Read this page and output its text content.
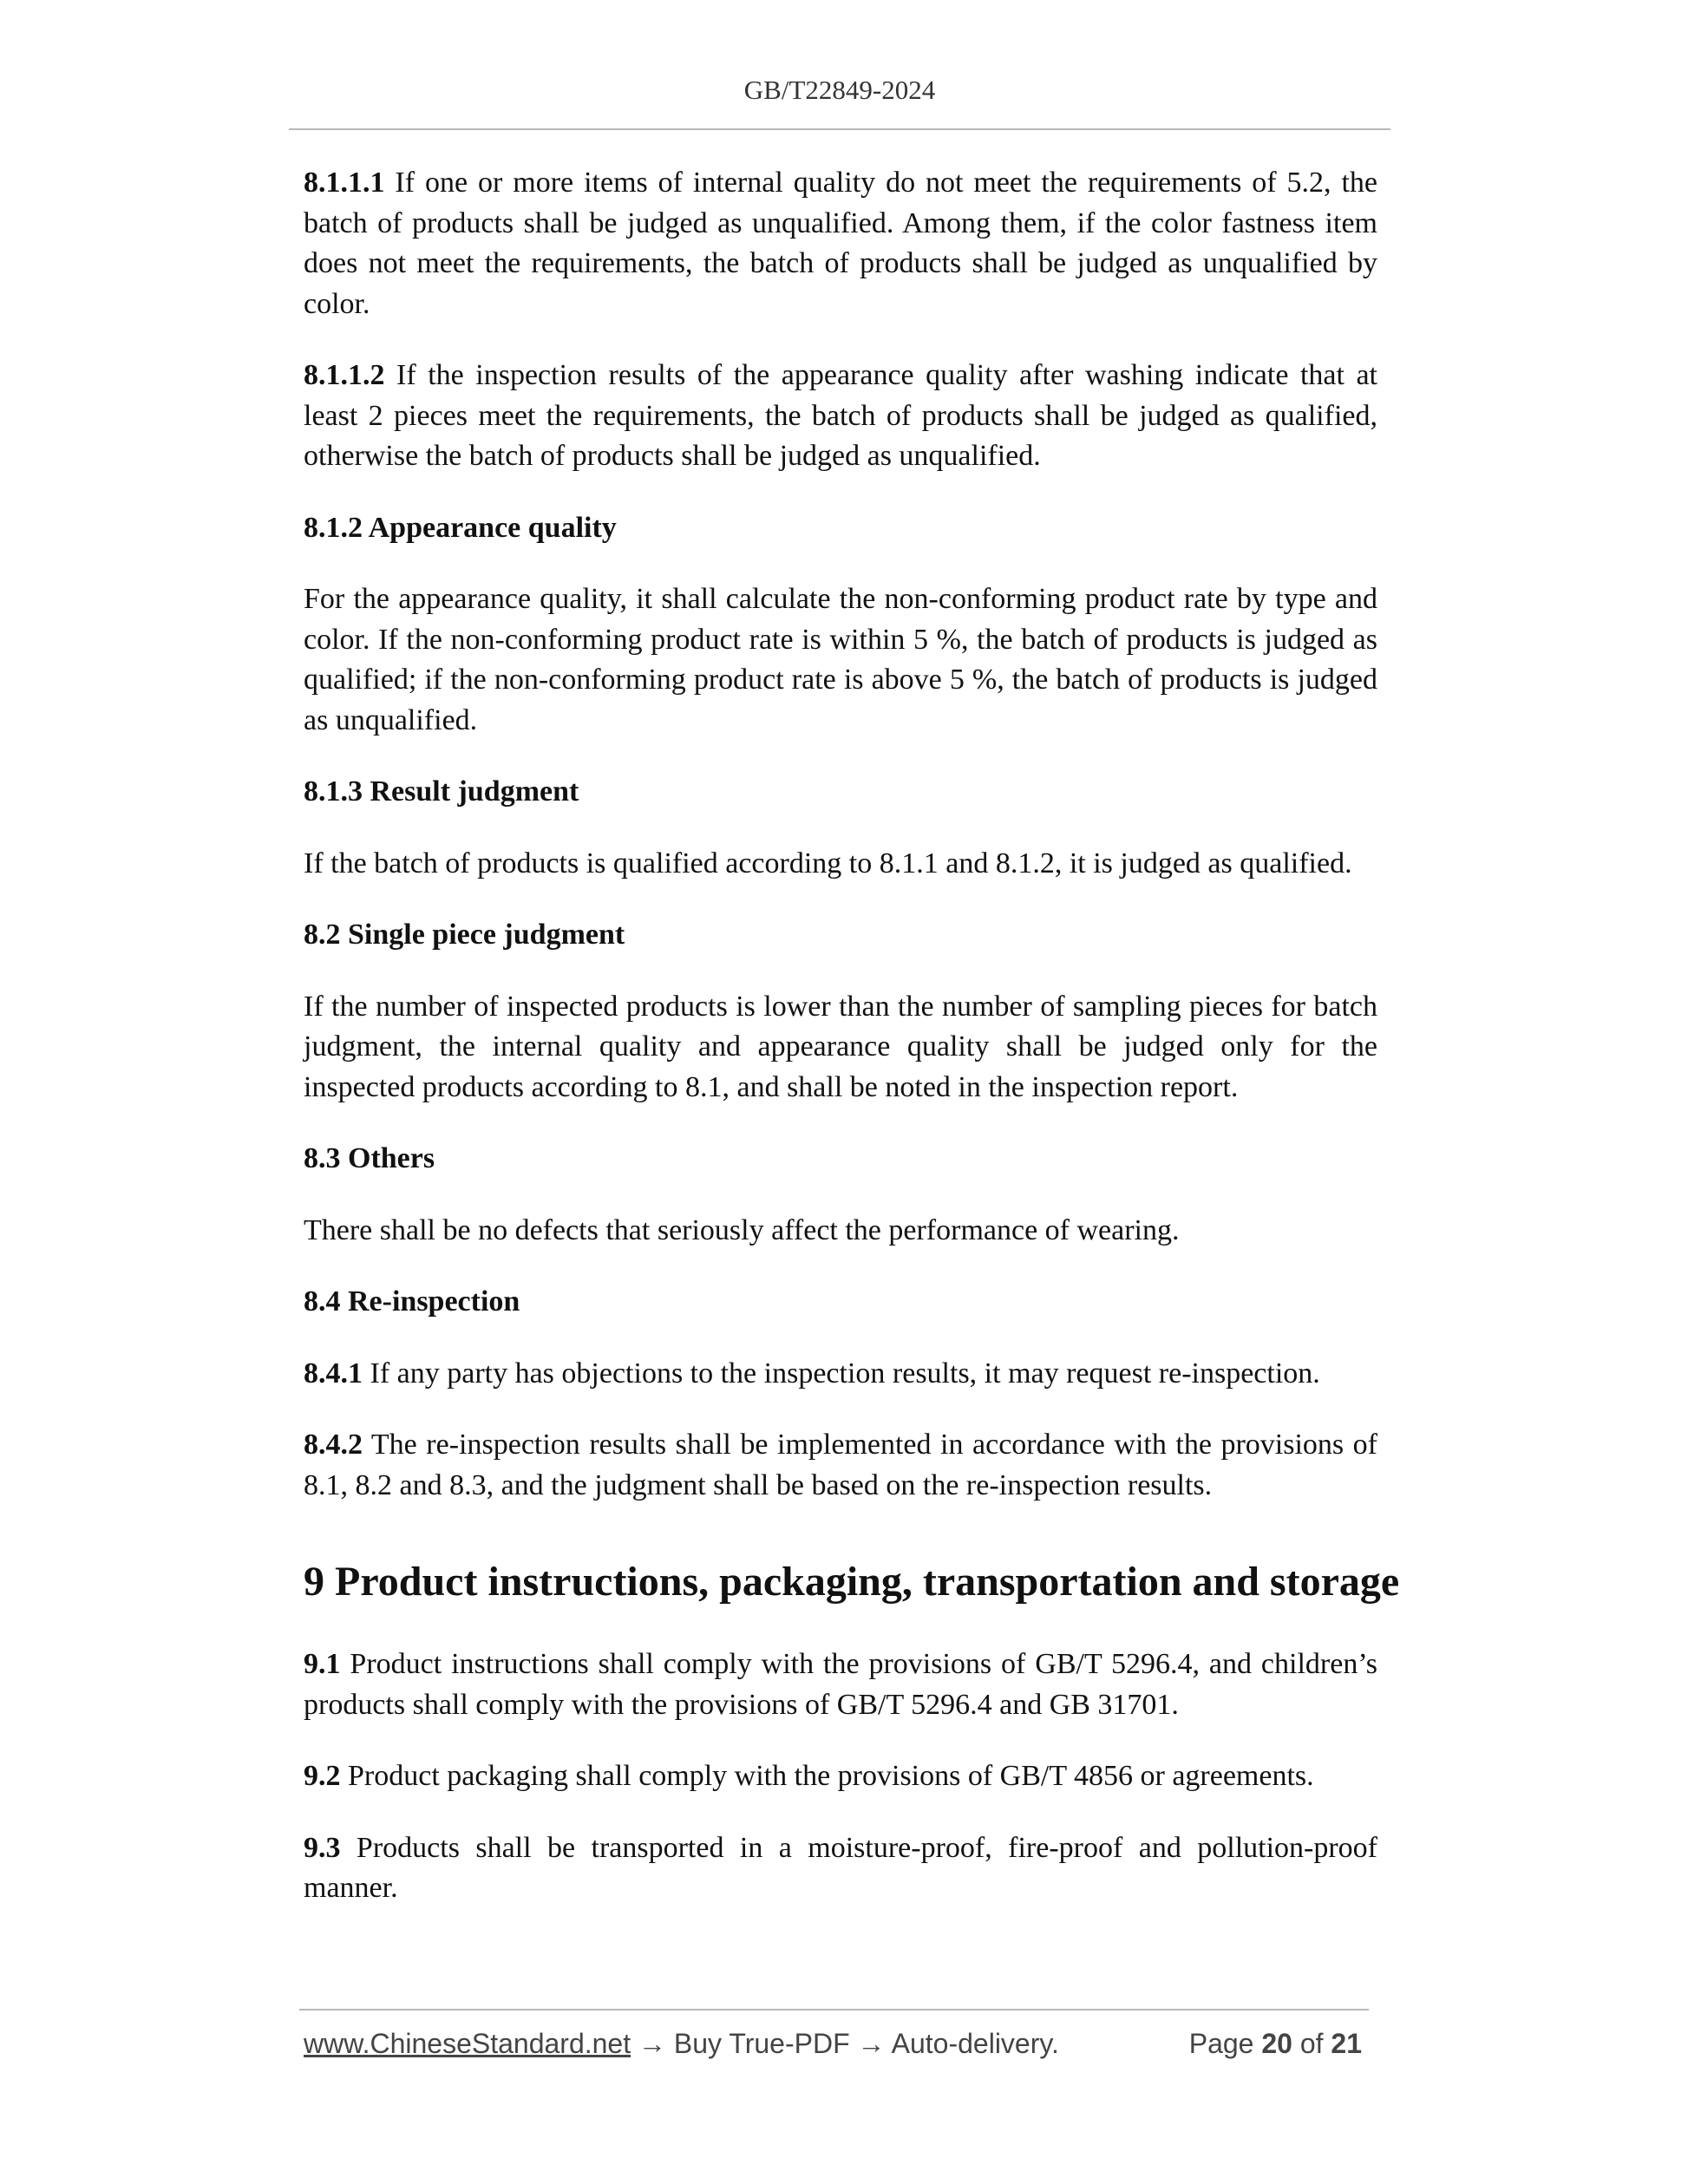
GB/T22849-2024

8.1.1.1 If one or more items of internal quality do not meet the requirements of 5.2, the batch of products shall be judged as unqualified. Among them, if the color fastness item does not meet the requirements, the batch of products shall be judged as unqualified by color.

8.1.1.2 If the inspection results of the appearance quality after washing indicate that at least 2 pieces meet the requirements, the batch of products shall be judged as qualified, otherwise the batch of products shall be judged as unqualified.

8.1.2 Appearance quality

For the appearance quality, it shall calculate the non-conforming product rate by type and color. If the non-conforming product rate is within 5 %, the batch of products is judged as qualified; if the non-conforming product rate is above 5 %, the batch of products is judged as unqualified.

8.1.3 Result judgment

If the batch of products is qualified according to 8.1.1 and 8.1.2, it is judged as qualified.

8.2 Single piece judgment

If the number of inspected products is lower than the number of sampling pieces for batch judgment, the internal quality and appearance quality shall be judged only for the inspected products according to 8.1, and shall be noted in the inspection report.

8.3 Others

There shall be no defects that seriously affect the performance of wearing.

8.4 Re-inspection

8.4.1 If any party has objections to the inspection results, it may request re-inspection.

8.4.2 The re-inspection results shall be implemented in accordance with the provisions of 8.1, 8.2 and 8.3, and the judgment shall be based on the re-inspection results.

9 Product instructions, packaging, transportation and storage

9.1 Product instructions shall comply with the provisions of GB/T 5296.4, and children’s products shall comply with the provisions of GB/T 5296.4 and GB 31701.

9.2 Product packaging shall comply with the provisions of GB/T 4856 or agreements.

9.3 Products shall be transported in a moisture-proof, fire-proof and pollution-proof manner.

www.ChineseStandard.net → Buy True-PDF → Auto-delivery.	Page 20 of 21
